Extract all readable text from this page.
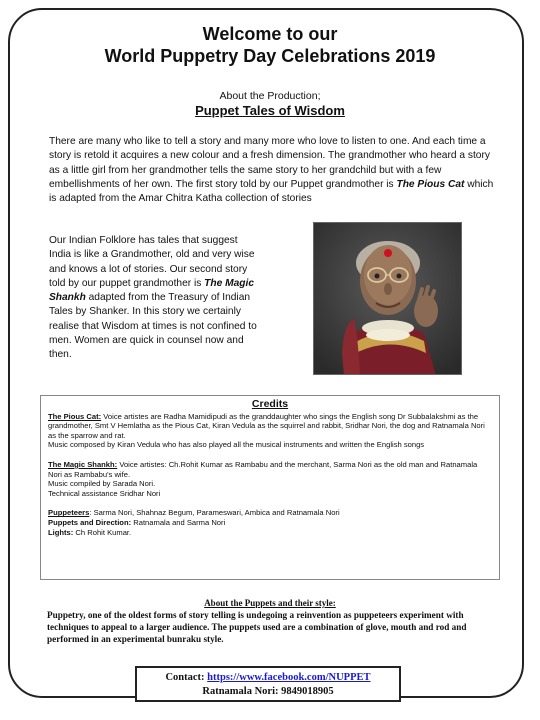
Welcome to our
World Puppetry Day Celebrations 2019
About the Production;
Puppet Tales of Wisdom
There are many who like to tell a story and many more who love to listen to one. And each time a story is retold it acquires a new colour and a fresh dimension. The grandmother who heard a story as a little girl from her grandmother tells the same story to her grandchild but with a few embellishments of her own. The first story told by our Puppet grandmother is The Pious Cat which is adapted from the Amar Chitra Katha collection of stories
Our Indian Folklore has tales that suggest India is like a Grandmother, old and very wise and knows a lot of stories. Our second story told by our puppet grandmother is The Magic Shankh adapted from the Treasury of Indian Tales by Shanker. In this story we certainly realise that Wisdom at times is not confined to men. Women are quick in counsel now and then.
Credits

The Pious Cat: Voice artistes are Radha Mamidipudi as the granddaughter who sings the English song Dr Subbalakshmi as the grandmother, Smt V Hemlatha as the Pious Cat, Kiran Vedula as the squirrel and rabbit, Sridhar Nori, the dog and Ratnamala Nori as the sparrow and rat.

Music composed by Kiran Vedula who has also played all the musical instruments and written the English songs

The Magic Shankh: Voice artistes: Ch.Rohit Kumar as Rambabu and the merchant, Sarma Nori as the old man and Ratnamala Nori as Rambabu's wife.

Music compiled by Sarada Nori.

Technical assistance Sridhar Nori

Puppeteers: Sarma Nori, Shahnaz Begum, Parameswari, Ambica and Ratnamala Nori

Puppets and Direction: Ratnamala and Sarma Nori

Lights: Ch Rohit Kumar.

About the Puppets and their style:
Puppetry, one of the oldest forms of story telling is undegoing a reinvention as puppeteers experiment with techniques to appeal to a larger audience. The puppets used are a combination of glove, mouth and rod and performed in an experimental bunraku style.
Contact: https://www.facebook.com/NUPPET
Ratnamala Nori: 9849018905
